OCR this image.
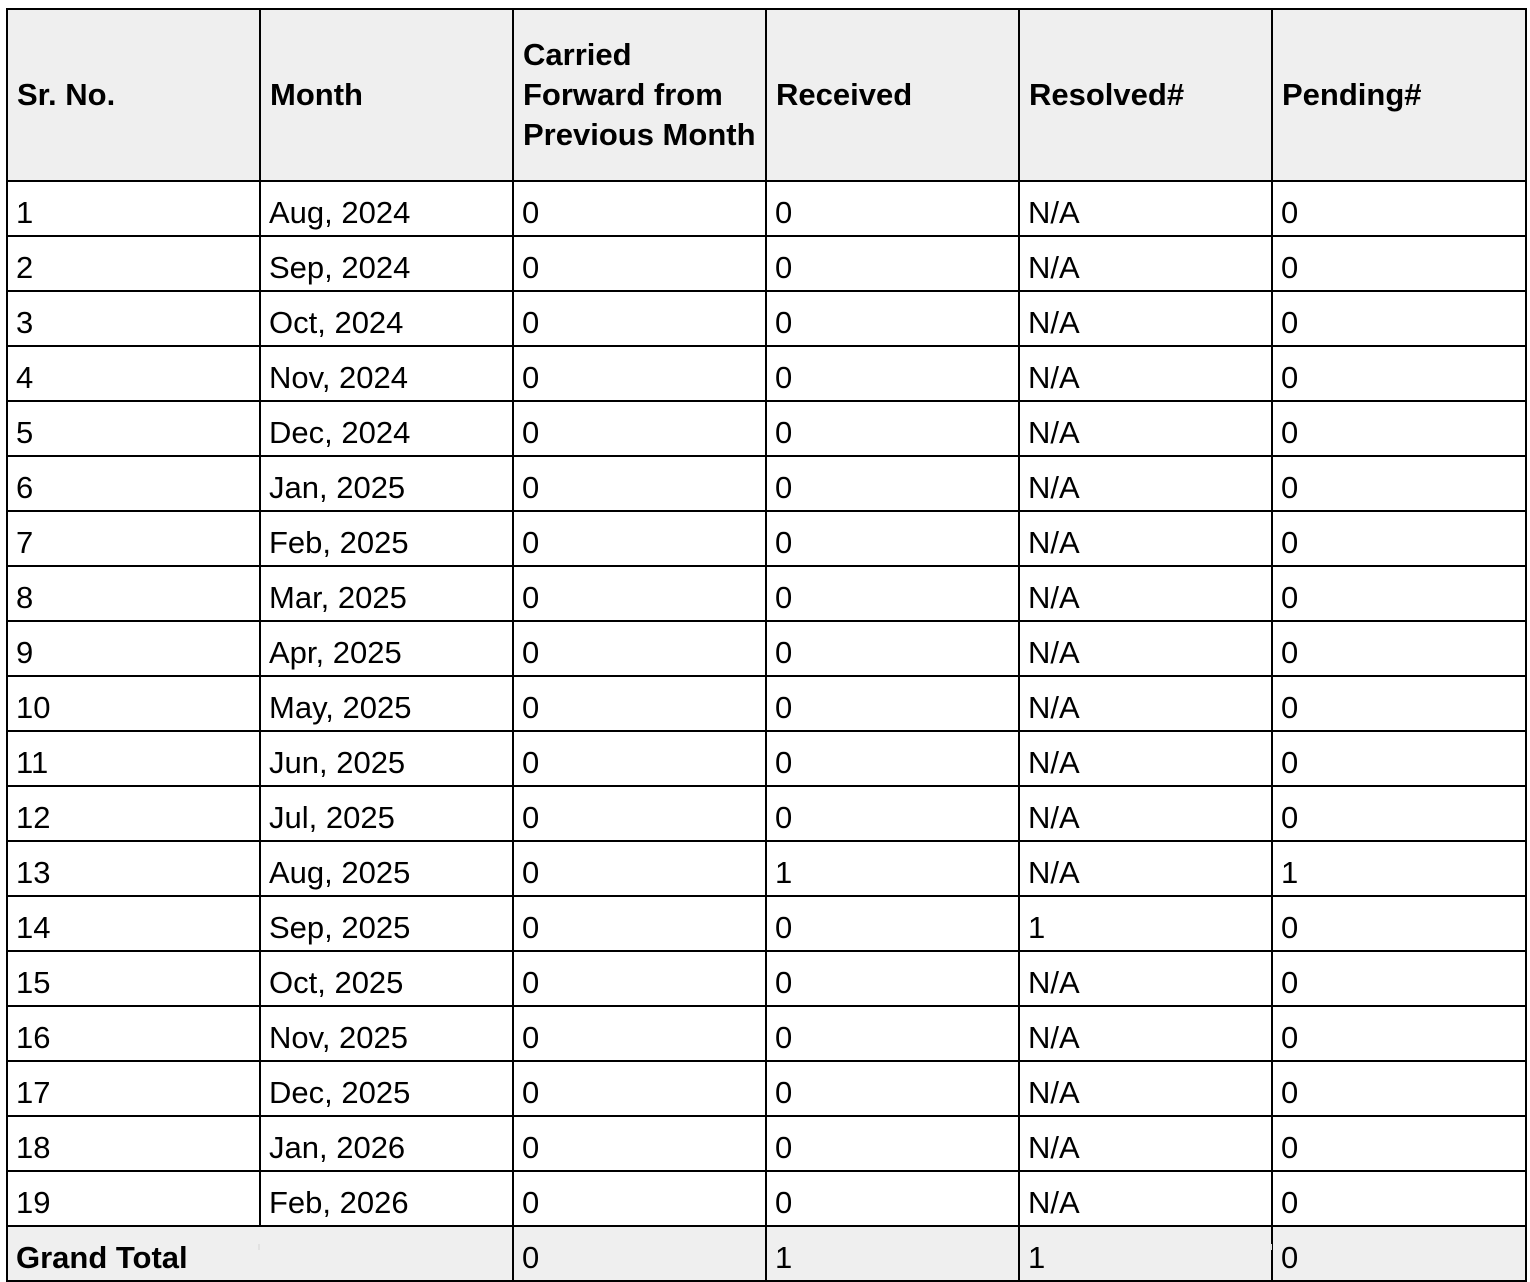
Sr. No.	Month	Carried Forward from Previous Month	Received	Resolved#	Pending#
1	Aug, 2024	0	0	N/A	0
2	Sep, 2024	0	0	N/A	0
3	Oct, 2024	0	0	N/A	0
4	Nov, 2024	0	0	N/A	0
5	Dec, 2024	0	0	N/A	0
6	Jan, 2025	0	0	N/A	0
7	Feb, 2025	0	0	N/A	0
8	Mar, 2025	0	0	N/A	0
9	Apr, 2025	0	0	N/A	0
10	May, 2025	0	0	N/A	0
11	Jun, 2025	0	0	N/A	0
12	Jul, 2025	0	0	N/A	0
13	Aug, 2025	0	1	N/A	1
14	Sep, 2025	0	0	1	0
15	Oct, 2025	0	0	N/A	0
16	Nov, 2025	0	0	N/A	0
17	Dec, 2025	0	0	N/A	0
18	Jan, 2026	0	0	N/A	0
19	Feb, 2026	0	0	N/A	0
Grand Total		0	1	1	0
